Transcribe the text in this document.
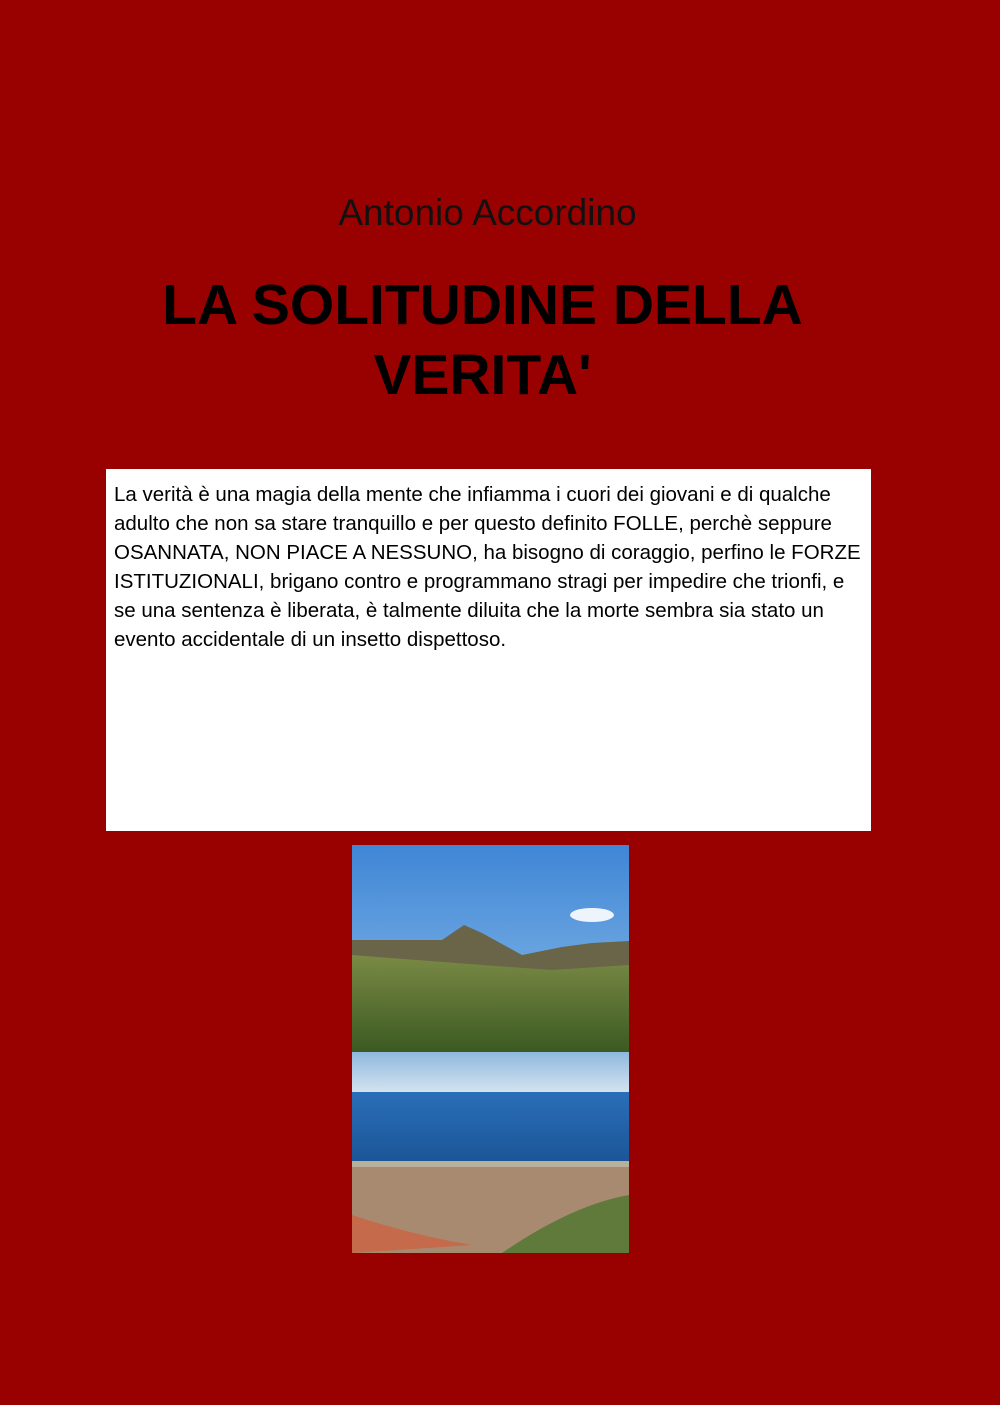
Antonio Accordino
LA SOLITUDINE DELLA
VERITA'
La verità è una magia della mente che infiamma i cuori dei giovani e di qualche adulto che non sa stare tranquillo e per questo definito FOLLE, perchè seppure OSANNATA, NON PIACE A NESSUNO, ha bisogno di coraggio, perfino le FORZE ISTITUZIONALI, brigano contro e programmano stragi per impedire che trionfi, e se una sentenza è liberata, è talmente diluita che la morte sembra sia stato un evento accidentale di un insetto dispettoso.
